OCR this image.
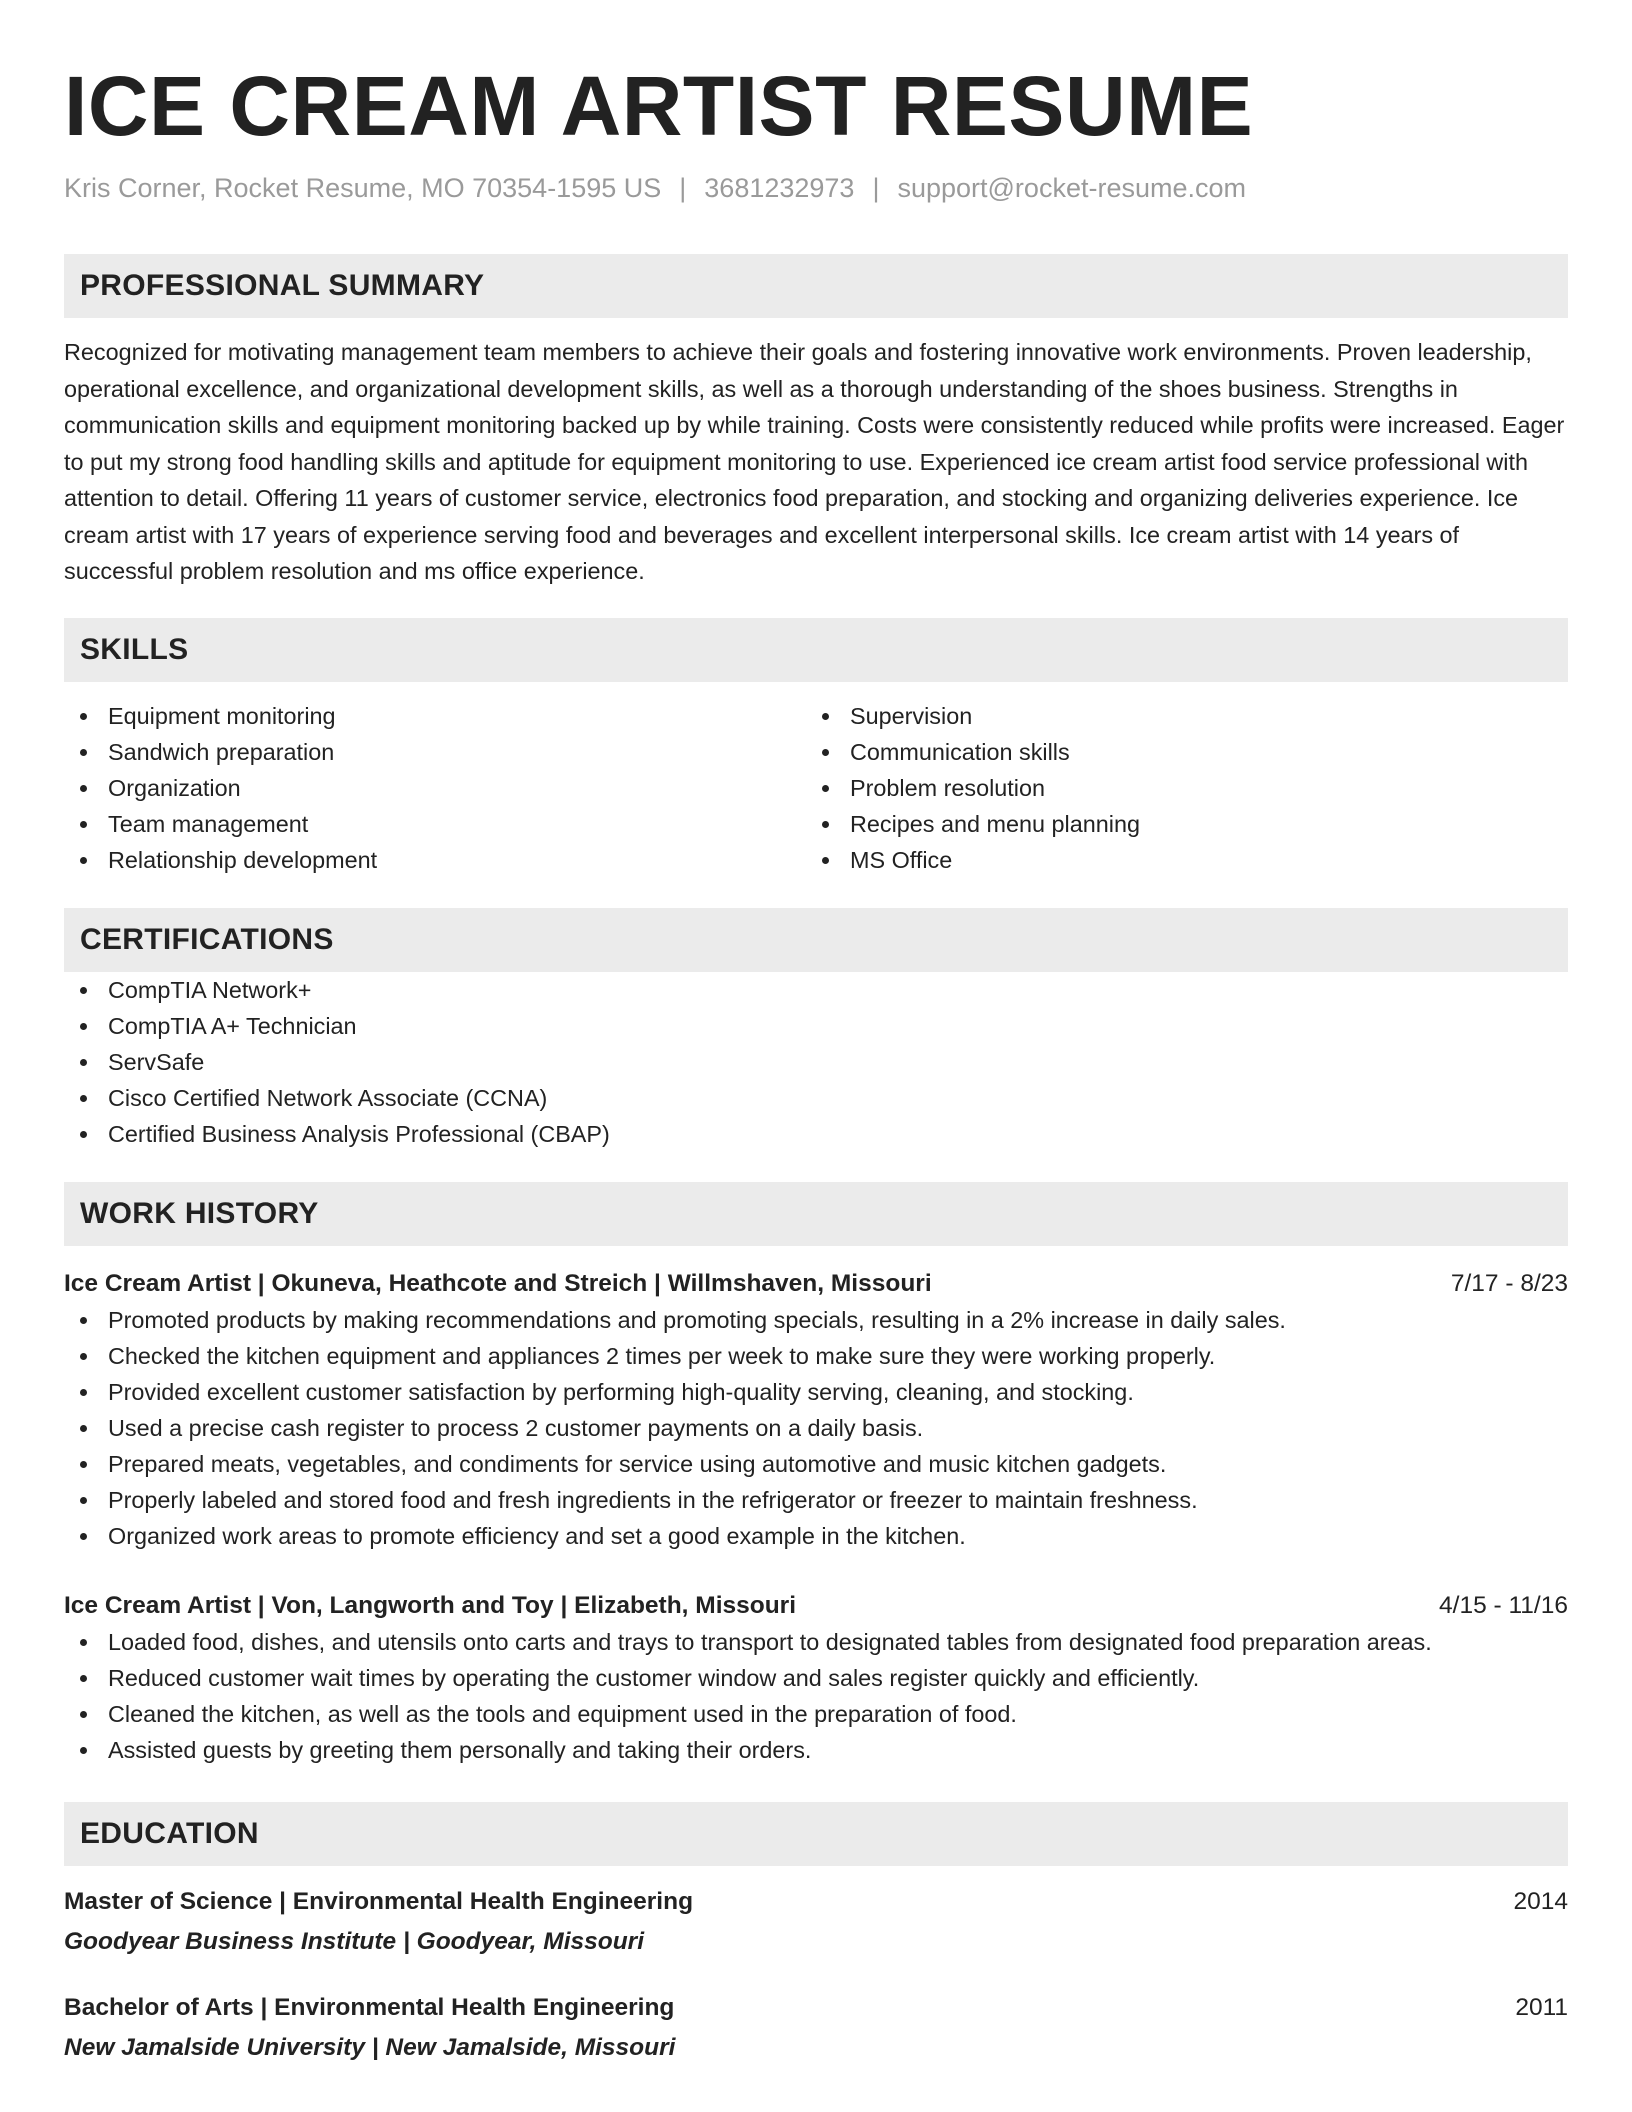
ICE CREAM ARTIST RESUME
Kris Corner, Rocket Resume, MO 70354-1595 US | 3681232973 | support@rocket-resume.com
PROFESSIONAL SUMMARY

Recognized for motivating management team members to achieve their goals and fostering innovative work environments. Proven leadership, operational excellence, and organizational development skills, as well as a thorough understanding of the shoes business. Strengths in communication skills and equipment monitoring backed up by while training. Costs were consistently reduced while profits were increased. Eager to put my strong food handling skills and aptitude for equipment monitoring to use. Experienced ice cream artist food service professional with attention to detail. Offering 11 years of customer service, electronics food preparation, and stocking and organizing deliveries experience. Ice cream artist with 17 years of experience serving food and beverages and excellent interpersonal skills. Ice cream artist with 14 years of successful problem resolution and ms office experience.

SKILLS
Equipment monitoring
Sandwich preparation
Organization
Team management
Relationship development
Supervision
Communication skills
Problem resolution
Recipes and menu planning
MS Office
CERTIFICATIONS
CompTIA Network+
CompTIA A+ Technician
ServSafe
Cisco Certified Network Associate (CCNA)
Certified Business Analysis Professional (CBAP)
WORK HISTORY
Ice Cream Artist | Okuneva, Heathcote and Streich | Willmshaven, Missouri	7/17 - 8/23
Promoted products by making recommendations and promoting specials, resulting in a 2% increase in daily sales.
Checked the kitchen equipment and appliances 2 times per week to make sure they were working properly.
Provided excellent customer satisfaction by performing high-quality serving, cleaning, and stocking.
Used a precise cash register to process 2 customer payments on a daily basis.
Prepared meats, vegetables, and condiments for service using automotive and music kitchen gadgets.
Properly labeled and stored food and fresh ingredients in the refrigerator or freezer to maintain freshness.
Organized work areas to promote efficiency and set a good example in the kitchen.
Ice Cream Artist | Von, Langworth and Toy | Elizabeth, Missouri	4/15 - 11/16
Loaded food, dishes, and utensils onto carts and trays to transport to designated tables from designated food preparation areas.
Reduced customer wait times by operating the customer window and sales register quickly and efficiently.
Cleaned the kitchen, as well as the tools and equipment used in the preparation of food.
Assisted guests by greeting them personally and taking their orders.
EDUCATION
Master of Science | Environmental Health Engineering	2014
Goodyear Business Institute | Goodyear, Missouri
Bachelor of Arts | Environmental Health Engineering	2011
New Jamalside University | New Jamalside, Missouri
